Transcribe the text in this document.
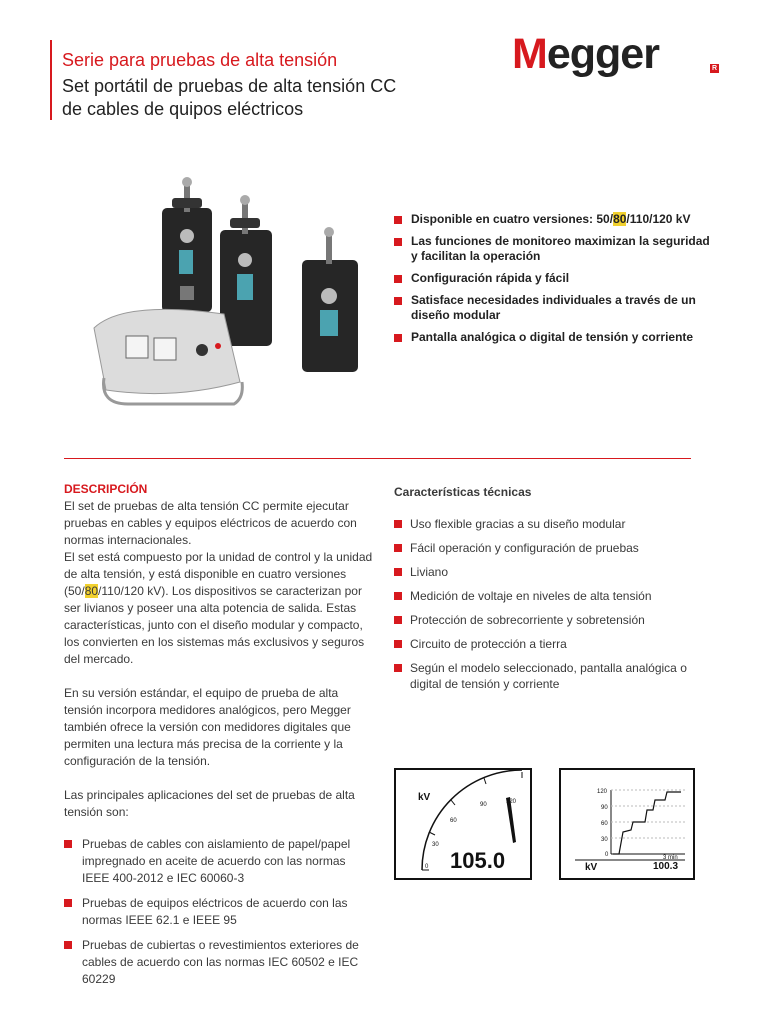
Serie para pruebas de alta tensión
Set portátil de pruebas de alta tensión CC
de cables de quipos eléctricos
Megger	R
Disponible en cuatro versiones: 50/80/110/120 kV
Las funciones de monitoreo maximizan la seguridad y facilitan la operación
Configuración rápida y fácil
Satisface necesidades individuales a través de un diseño modular
Pantalla analógica o digital de tensión y corriente
DESCRIPCIÓN
El set de pruebas de alta tensión CC permite ejecutar pruebas en cables y equipos eléctricos de acuerdo con normas internacionales.
El set está compuesto por la unidad de control y la unidad de alta tensión, y está disponible en cuatro versiones (50/80/110/120 kV). Los dispositivos se caracterizan por ser livianos y poseer una alta potencia de salida. Estas características, junto con el diseño modular y compacto, los convierten en los sistemas más exclusivos y seguros del mercado.
En su versión estándar, el equipo de prueba de alta tensión incorpora medidores analógicos, pero Megger también ofrece la versión con medidores digitales que permiten una lectura más precisa de la corriente y la configuración de la tensión.
Las principales aplicaciones del set de pruebas de alta tensión son:
Pruebas de cables con aislamiento de papel/papel impregnado en aceite de acuerdo con las normas IEEE 400-2012 e IEC 60060-3
Pruebas de equipos eléctricos de acuerdo con las normas IEEE 62.1 e IEEE 95
Pruebas de cubiertas o revestimientos exteriores de cables de acuerdo con las normas IEC 60502 e IEC 60229
Características técnicas
Uso flexible gracias a su diseño modular
Fácil operación y configuración de pruebas
Liviano
Medición de voltaje en niveles de alta tensión
Protección de sobrecorriente y sobretensión
Circuito de protección a tierra
Según el modelo seleccionado, pantalla analógica o digital de tensión y corriente
kV
0
30
60
90	120
105.0
120
90
60
30
0	3 min
kV	100.3
